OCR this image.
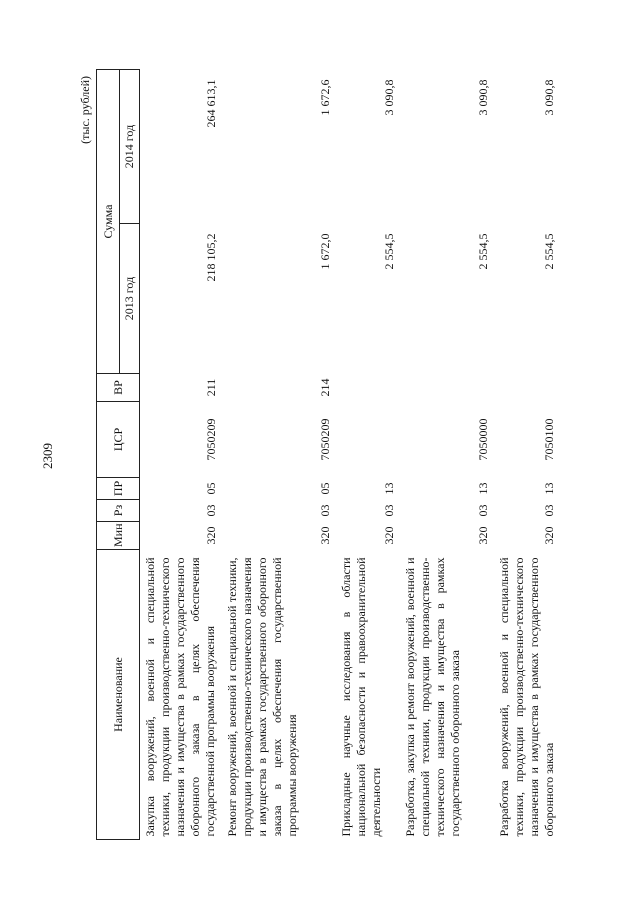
2309
(тыс. рублей)
Наименование	Мин	Рз	ПР	ЦСР	ВР	Сумма	
						2013 год	2014 год
Закупка вооружений, военной и специальной техники, продукции производственно-технического назначения и имущества в рамках государственного оборонного заказа в целях обеспечения государственной программы вооружения	320	03	05	7050209	211	218 105,2	264 613,1
Ремонт вооружений, военной и специальной техники, продукции производственно-технического назначения и имущества в рамках государственного оборонного заказа в целях обеспечения государственной программы вооружения	320	03	05	7050209	214	1 672,0	1 672,6
Прикладные научные исследования в области национальной безопасности и правоохранительной деятельности	320	03	13			2 554,5	3 090,8
Разработка, закупка и ремонт вооружений, военной и специальной техники, продукции производственно-технического назначения и имущества в рамках государственного оборонного заказа	320	03	13	7050000		2 554,5	3 090,8
Разработка вооружений, военной и специальной техники, продукции производственно-технического назначения и имущества в рамках государственного оборонного заказа	320	03	13	7050100		2 554,5	3 090,8
